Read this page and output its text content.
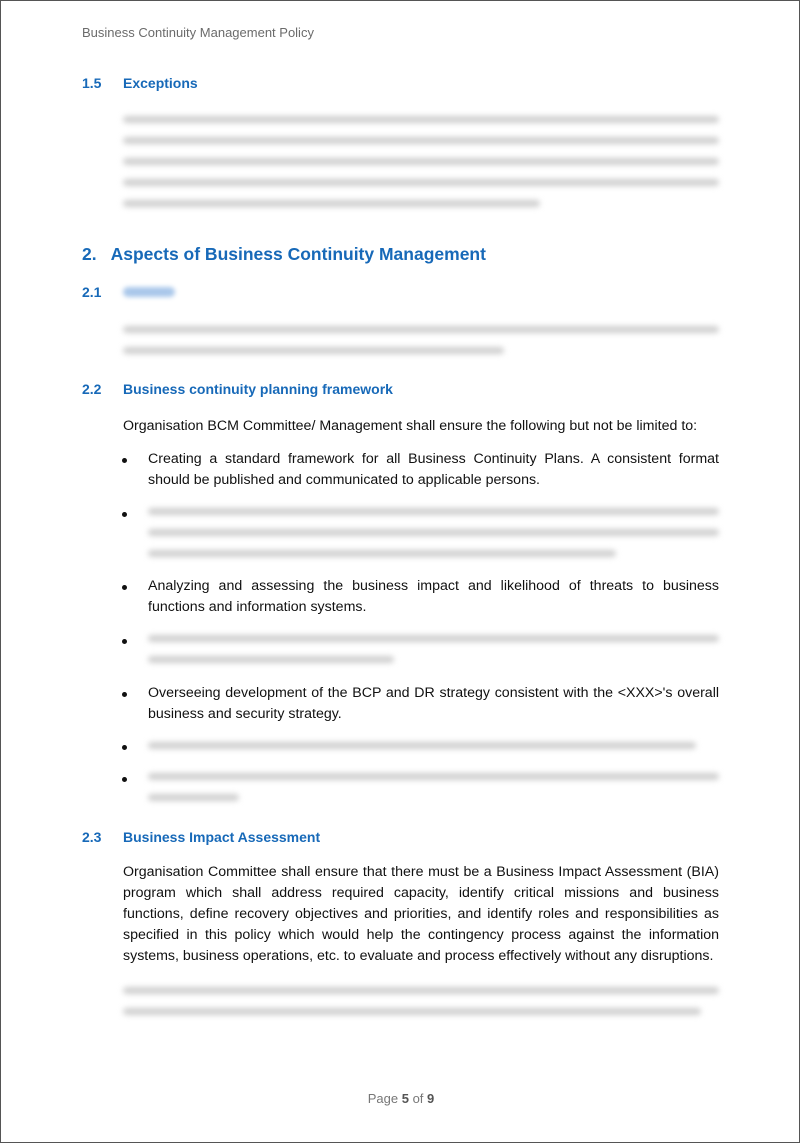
Business Continuity Management Policy
1.5 Exceptions
2. Aspects of Business Continuity Management
2.1
2.2 Business continuity planning framework
Organisation BCM Committee/ Management shall ensure the following but not be limited to:
Creating a standard framework for all Business Continuity Plans. A consistent format should be published and communicated to applicable persons.
Analyzing and assessing the business impact and likelihood of threats to business functions and information systems.
Overseeing development of the BCP and DR strategy consistent with the <XXX>'s overall business and security strategy.
2.3 Business Impact Assessment
Organisation Committee shall ensure that there must be a Business Impact Assessment (BIA) program which shall address required capacity, identify critical missions and business functions, define recovery objectives and priorities, and identify roles and responsibilities as specified in this policy which would help the contingency process against the information systems, business operations, etc. to evaluate and process effectively without any disruptions.
Page 5 of 9
